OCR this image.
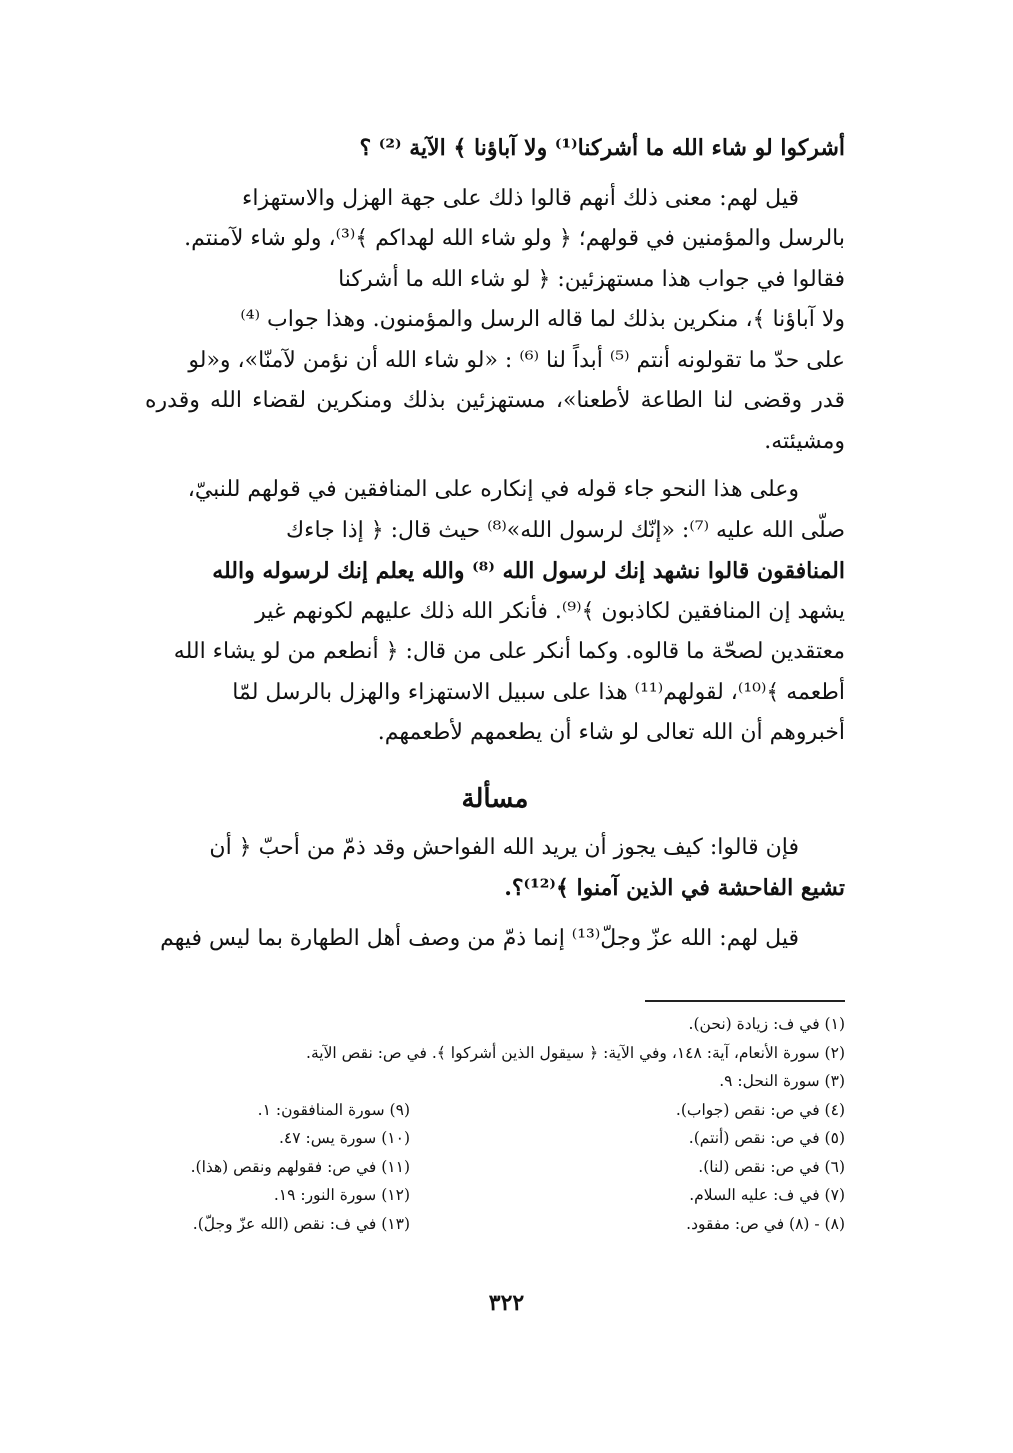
أشركوا لو شاء الله ما أشركنا⁽¹⁾ ولا آباؤنا ﴾ الآية ⁽²⁾ ؟

قيل لهم: معنى ذلك أنهم قالوا ذلك على جهة الهزل والاستهزاء
بالرسل والمؤمنين في قولهم؛ ﴿ ولو شاء الله لهداكم ﴾⁽³⁾، ولو شاء لآمنتم.
فقالوا في جواب هذا مستهزئين: ﴿ لو شاء الله ما أشركنا
ولا آباؤنا ﴾، منكرين بذلك لما قاله الرسل والمؤمنون. وهذا جواب ⁽⁴⁾
على حدّ ما تقولونه أنتم ⁽⁵⁾ أبداً لنا ⁽⁶⁾ : «لو شاء الله أن نؤمن لآمنّا»، و«لو
قدر وقضى لنا الطاعة لأطعنا»، مستهزئين بذلك ومنكرين لقضاء الله وقدره ومشيئته.

وعلى هذا النحو جاء قوله في إنكاره على المنافقين في قولهم للنبيّ،
صلّى الله عليه ⁽⁷⁾: «إنّك لرسول الله»⁽⁸⁾ حيث قال: ﴿ إذا جاءك
المنافقون قالوا نشهد إنك لرسول الله ⁽⁸⁾ والله يعلم إنك لرسوله والله
يشهد إن المنافقين لكاذبون ﴾⁽⁹⁾. فأنكر الله ذلك عليهم لكونهم غير
معتقدين لصحّة ما قالوه. وكما أنكر على من قال: ﴿ أنطعم من لو يشاء الله
أطعمه ﴾⁽¹⁰⁾، لقولهم⁽¹¹⁾ هذا على سبيل الاستهزاء والهزل بالرسل لمّا
أخبروهم أن الله تعالى لو شاء أن يطعمهم لأطعمهم.

مسألة

فإن قالوا: كيف يجوز أن يريد الله الفواحش وقد ذمّ من أحبّ ﴿ أن
تشيع الفاحشة في الذين آمنوا ﴾⁽¹²⁾؟.

قيل لهم: الله عزّ وجلّ⁽¹³⁾ إنما ذمّ من وصف أهل الطهارة بما ليس فيهم

(١) في ف: زيادة (نحن).
(٢) سورة الأنعام، آية: ١٤٨، وفي الآية: ﴿ سيقول الذين أشركوا ﴾. في ص: نقص الآية.
(٣) سورة النحل: ٩.
(٤) في ص: نقص (جواب).
(٥) في ص: نقص (أنتم).
(٦) في ص: نقص (لنا).
(٧) في ف: عليه السلام.
(٨) - (٨) في ص: مفقود.
(٩) سورة المنافقون: ١.
(١٠) سورة يس: ٤٧.
(١١) في ص: فقولهم ونقص (هذا).
(١٢) سورة النور: ١٩.
(١٣) في ف: نقص (الله عزّ وجلّ).
٣٢٢
